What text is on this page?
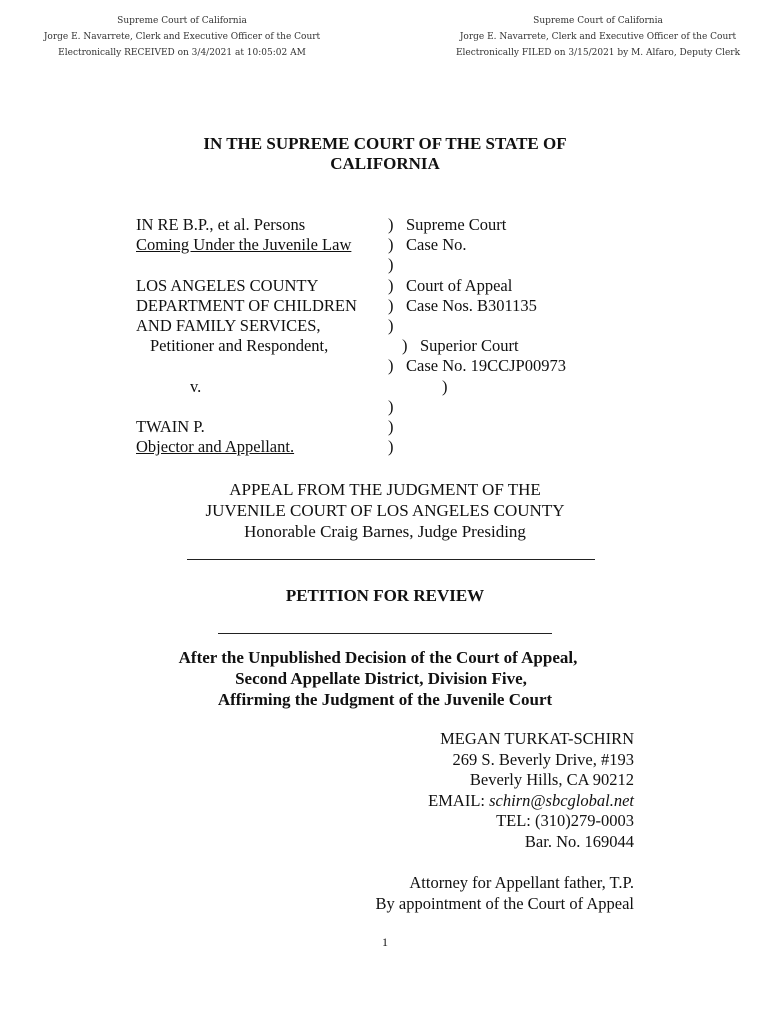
Supreme Court of California
Jorge E. Navarrete, Clerk and Executive Officer of the Court
Electronically RECEIVED on 3/4/2021 at 10:05:02 AM
Supreme Court of California
Jorge E. Navarrete, Clerk and Executive Officer of the Court
Electronically FILED on 3/15/2021 by M. Alfaro, Deputy Clerk
IN THE SUPREME COURT OF THE STATE OF
CALIFORNIA
IN RE B.P., et al. Persons	) Supreme Court
Coming Under the Juvenile Law	) Case No.
)
LOS ANGELES COUNTY	) Court of Appeal
DEPARTMENT OF CHILDREN	) Case Nos. B301135
AND FAMILY SERVICES,	)
Petitioner and Respondent,	) Superior Court
) Case No. 19CCJP00973
v.	)
)
TWAIN P.	)
Objector and Appellant.	)
APPEAL FROM THE JUDGMENT OF THE
JUVENILE COURT OF LOS ANGELES COUNTY
Honorable Craig Barnes, Judge Presiding
PETITION FOR REVIEW
After the Unpublished Decision of the Court of Appeal,
Second Appellate District, Division Five,
Affirming the Judgment of the Juvenile Court
MEGAN TURKAT-SCHIRN
269 S. Beverly Drive, #193
Beverly Hills, CA 90212
EMAIL: schirn@sbcglobal.net
TEL: (310)279-0003
Bar. No. 169044
Attorney for Appellant father, T.P.
By appointment of the Court of Appeal
1
